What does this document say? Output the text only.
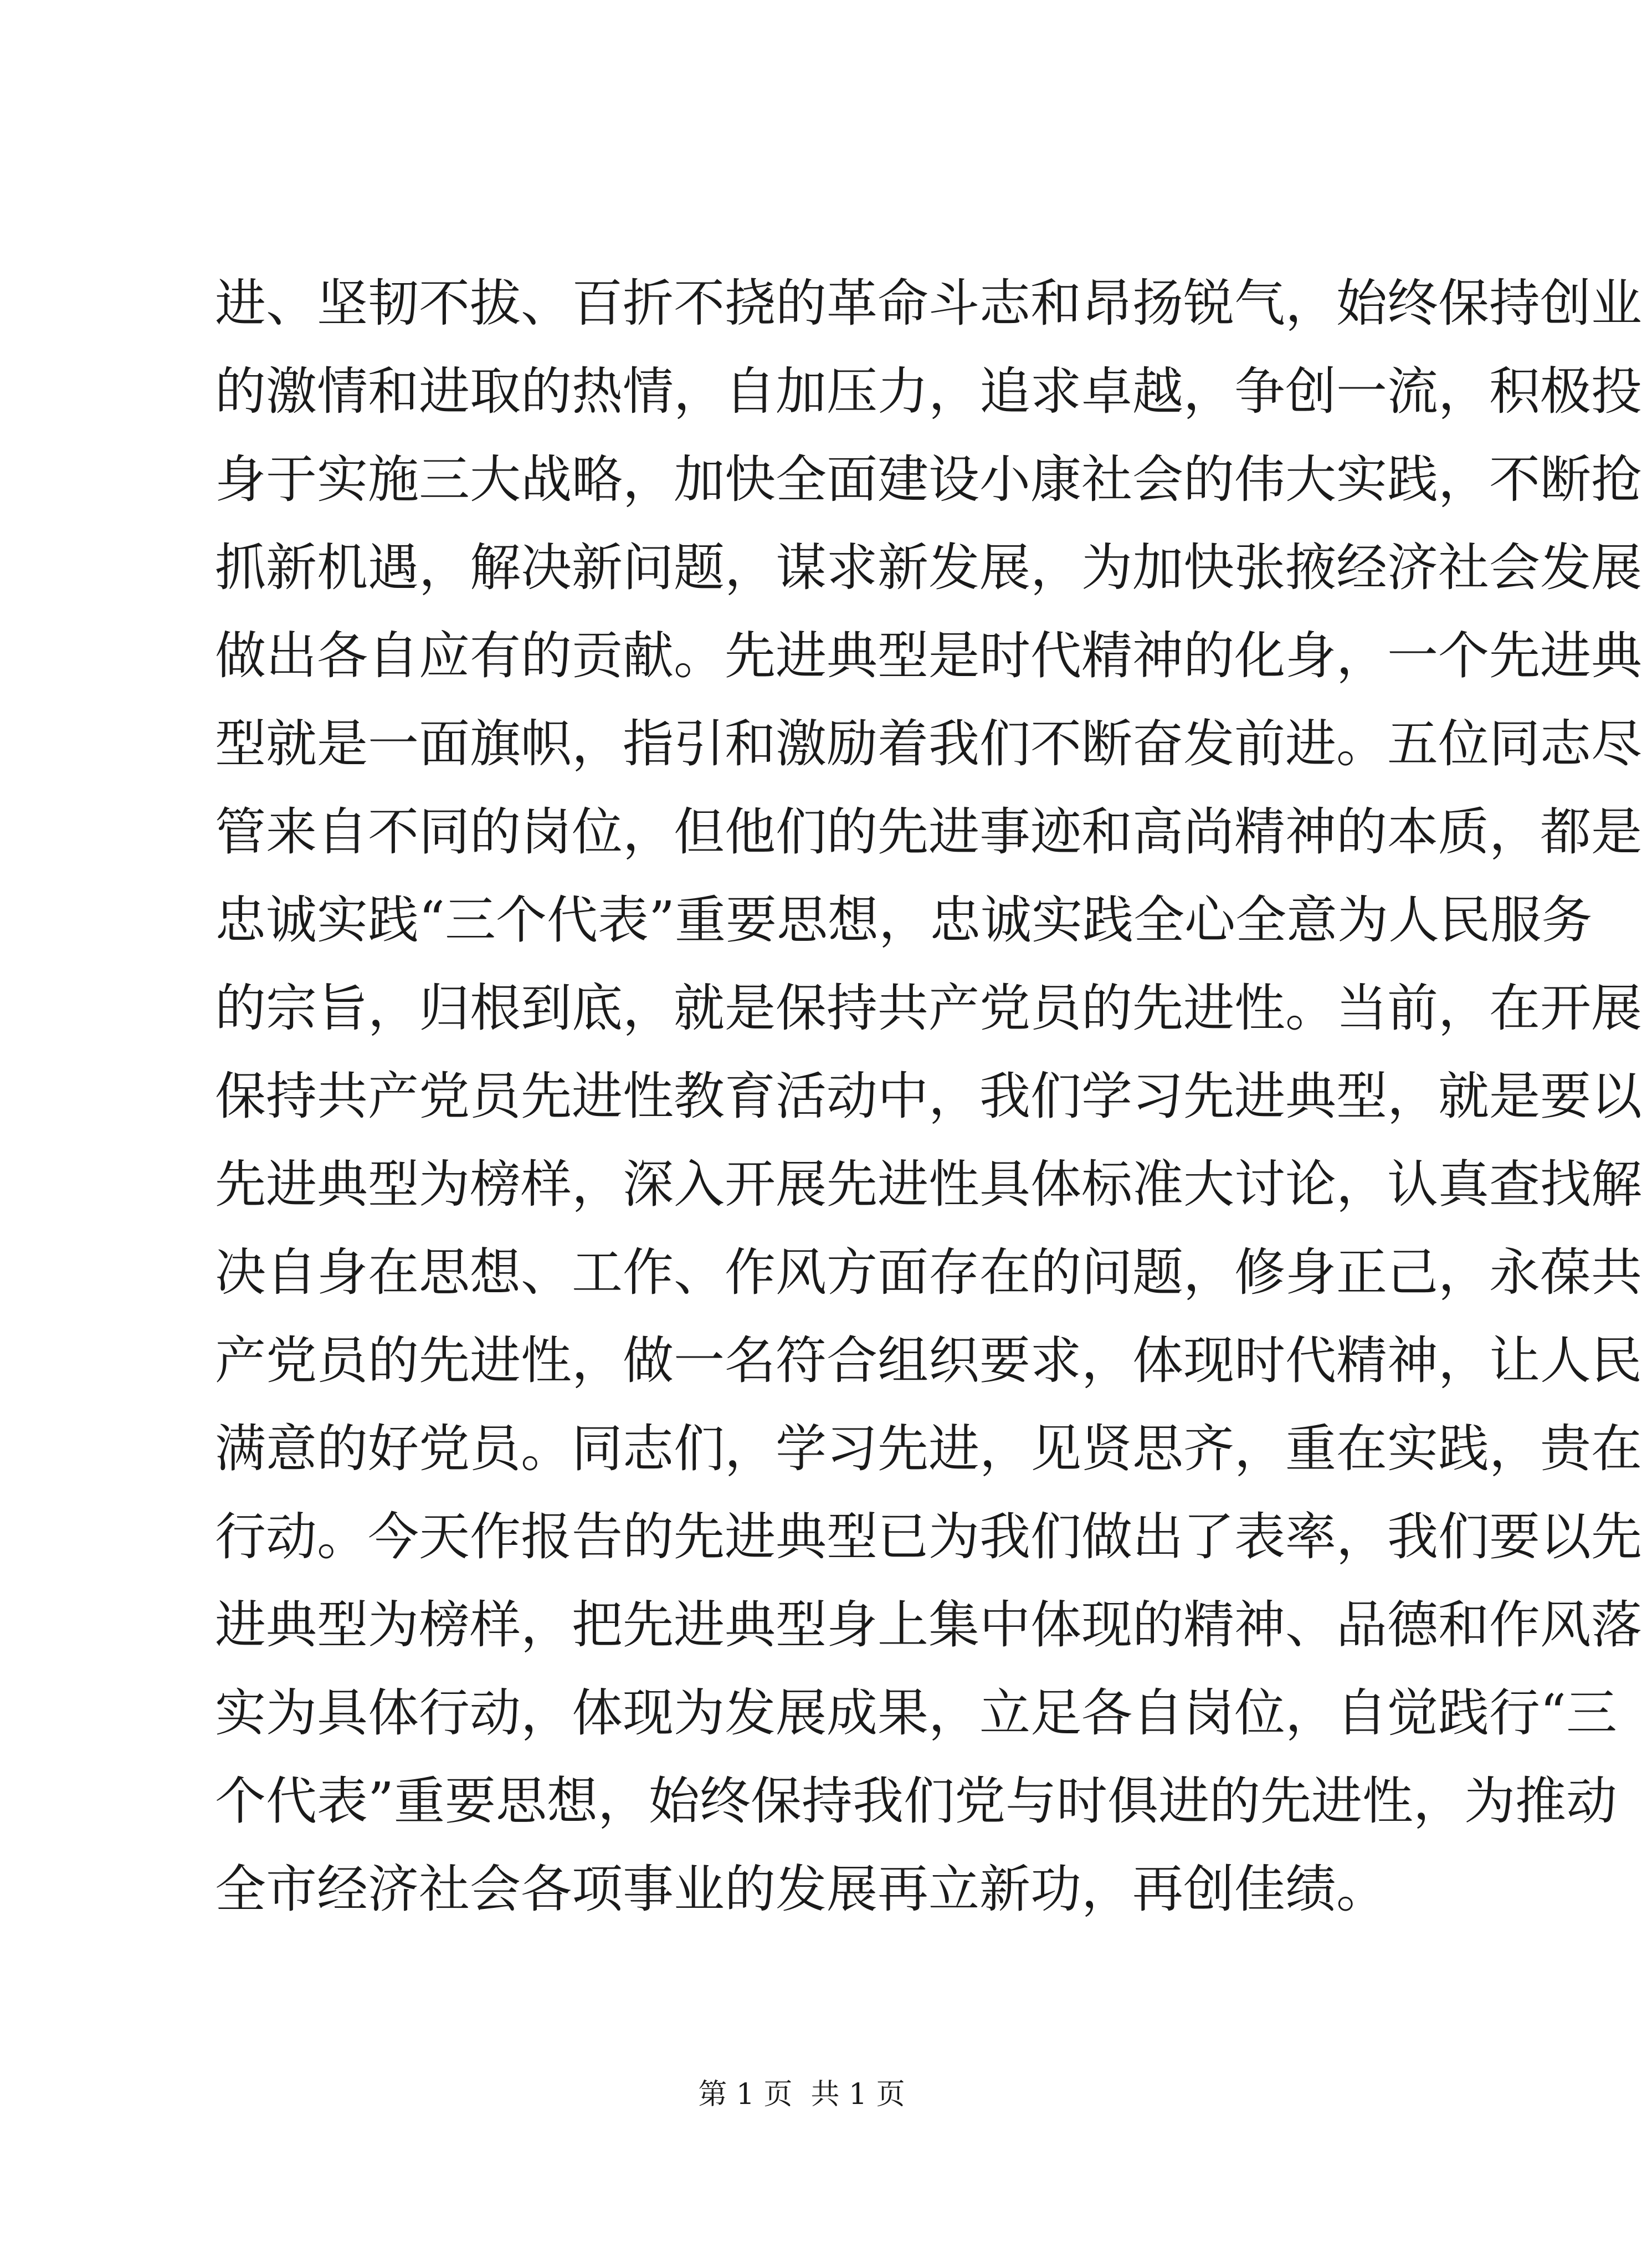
进、坚韧不拔、百折不挠的革命斗志和昂扬锐气，始终保持创业
的激情和进取的热情，自加压力，追求卓越，争创一流，积极投
身于实施三大战略，加快全面建设小康社会的伟大实践，不断抢
抓新机遇，解决新问题，谋求新发展，为加快张掖经济社会发展
做出各自应有的贡献。先进典型是时代精神的化身，一个先进典
型就是一面旗帜，指引和激励着我们不断奋发前进。五位同志尽
管来自不同的岗位，但他们的先进事迹和高尚精神的本质，都是
忠诚实践“三个代表”重要思想，忠诚实践全心全意为人民服务
的宗旨，归根到底，就是保持共产党员的先进性。当前，在开展
保持共产党员先进性教育活动中，我们学习先进典型，就是要以
先进典型为榜样，深入开展先进性具体标准大讨论，认真查找解
决自身在思想、工作、作风方面存在的问题，修身正己，永葆共
产党员的先进性，做一名符合组织要求，体现时代精神，让人民
满意的好党员。同志们，学习先进，见贤思齐，重在实践，贵在
行动。今天作报告的先进典型已为我们做出了表率，我们要以先
进典型为榜样，把先进典型身上集中体现的精神、品德和作风落
实为具体行动，体现为发展成果，立足各自岗位，自觉践行“三
个代表”重要思想，始终保持我们党与时俱进的先进性，为推动
全市经济社会各项事业的发展再立新功，再创佳绩。
第 1 页  共 1 页
